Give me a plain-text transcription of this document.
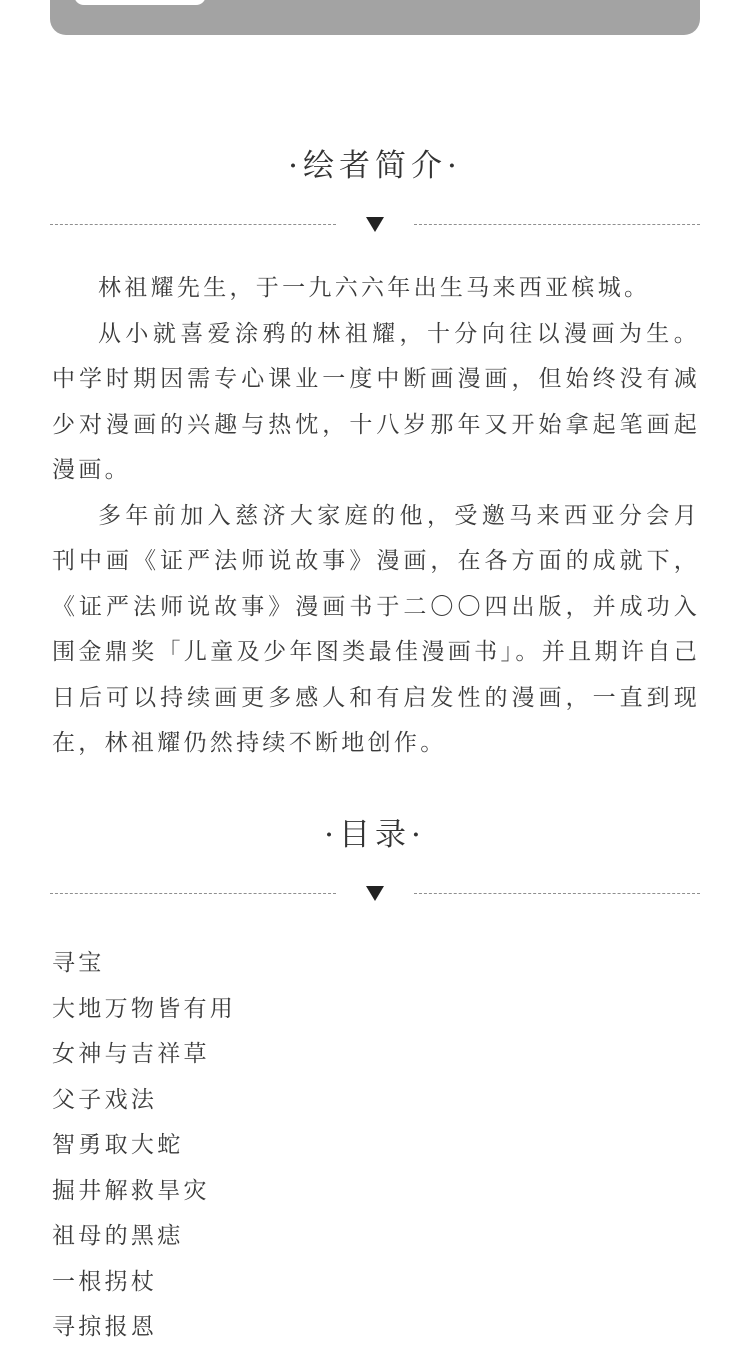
·绘者简介·

林祖耀先生，于一九六六年出生马来西亚槟城。

从小就喜爱涂鸦的林祖耀，十分向往以漫画为生。中学时期因需专心课业一度中断画漫画，但始终没有减少对漫画的兴趣与热忱，十八岁那年又开始拿起笔画起漫画。

多年前加入慈济大家庭的他，受邀马来西亚分会月刊中画《证严法师说故事》漫画，在各方面的成就下，《证严法师说故事》漫画书于二〇〇四出版，并成功入围金鼎奖「儿童及少年图类最佳漫画书」。并且期许自己日后可以持续画更多感人和有启发性的漫画，一直到现在，林祖耀仍然持续不断地创作。

·目录·
寻宝
大地万物皆有用
女神与吉祥草
父子戏法
智勇取大蛇
掘井解救旱灾
祖母的黑痣
一根拐杖
寻掠报恩
